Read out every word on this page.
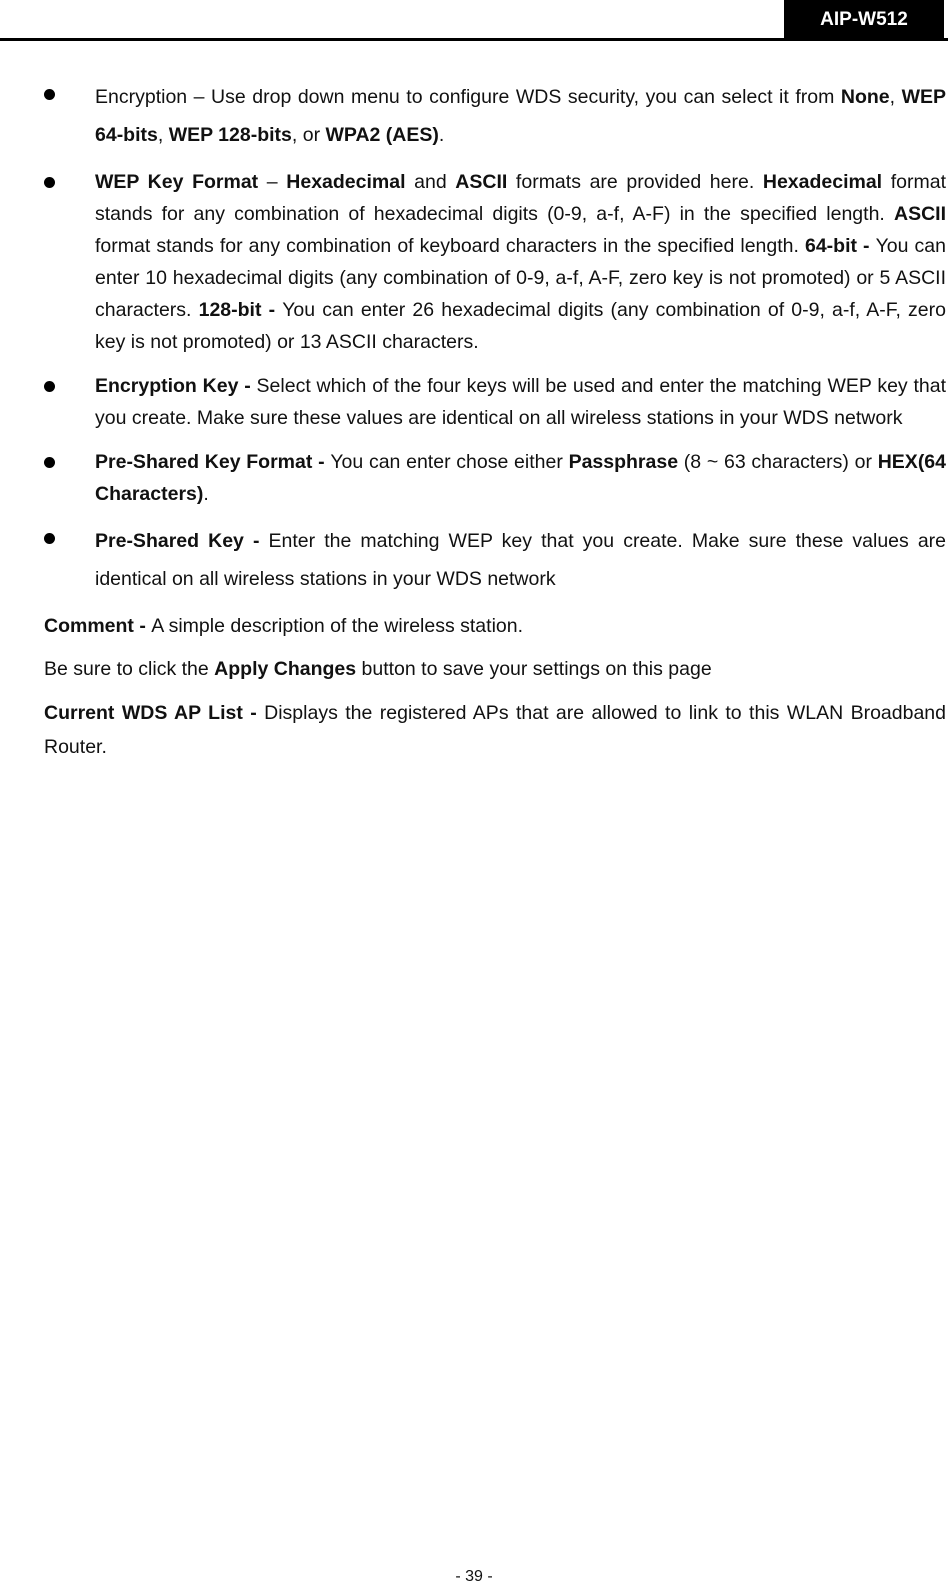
AIP-W512
Encryption – Use drop down menu to configure WDS security, you can select it from None, WEP 64-bits, WEP 128-bits, or WPA2 (AES).
WEP Key Format – Hexadecimal and ASCII formats are provided here. Hexadecimal format stands for any combination of hexadecimal digits (0-9, a-f, A-F) in the specified length. ASCII format stands for any combination of keyboard characters in the specified length. 64-bit - You can enter 10 hexadecimal digits (any combination of 0-9, a-f, A-F, zero key is not promoted) or 5 ASCII characters. 128-bit - You can enter 26 hexadecimal digits (any combination of 0-9, a-f, A-F, zero key is not promoted) or 13 ASCII characters.
Encryption Key - Select which of the four keys will be used and enter the matching WEP key that you create. Make sure these values are identical on all wireless stations in your WDS network
Pre-Shared Key Format - You can enter chose either Passphrase (8 ~ 63 characters) or HEX(64 Characters).
Pre-Shared Key - Enter the matching WEP key that you create. Make sure these values are identical on all wireless stations in your WDS network
Comment - A simple description of the wireless station.
Be sure to click the Apply Changes button to save your settings on this page
Current WDS AP List - Displays the registered APs that are allowed to link to this WLAN Broadband Router.
- 39 -
